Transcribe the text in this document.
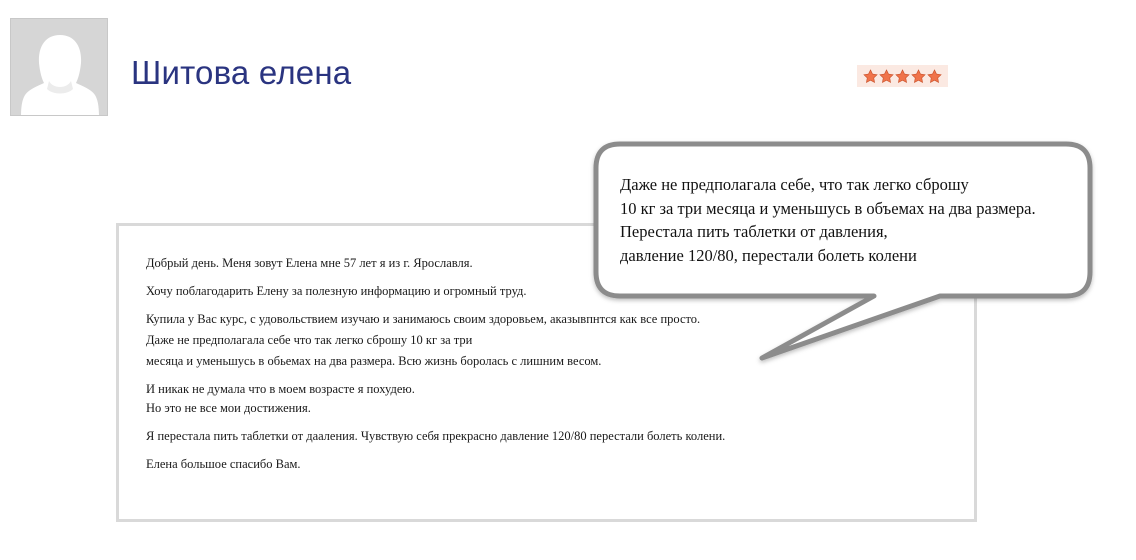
Шитова елена

Добрый день. Меня зовут Елена мне 57 лет я из г. Ярославля.

Хочу поблагодарить Елену за полезную информацию и огромный труд.

Купила у Вас курс, с удовольствием изучаю и занимаюсь своим здоровьем, аказывпнтся как все просто.

Даже не предполагала себе что так легко сброшу 10 кг за три

месяца и уменьшусь в обьемах на два размера. Всю жизнь боролась с лишним весом.

И никак не думала что в моем возрасте я похудею.

Но это не все мои достижения.

Я перестала пить таблетки от даaления. Чувствую себя прекрасно давление 120/80 перестали болеть колени.

Елена большое спасибо Вам.

Даже не предполагала себе, что так легко сброшу

10 кг за три месяца и уменьшусь в объемах на два размера.

Перестала пить таблетки от давления,

давление 120/80, перестали болеть колени
